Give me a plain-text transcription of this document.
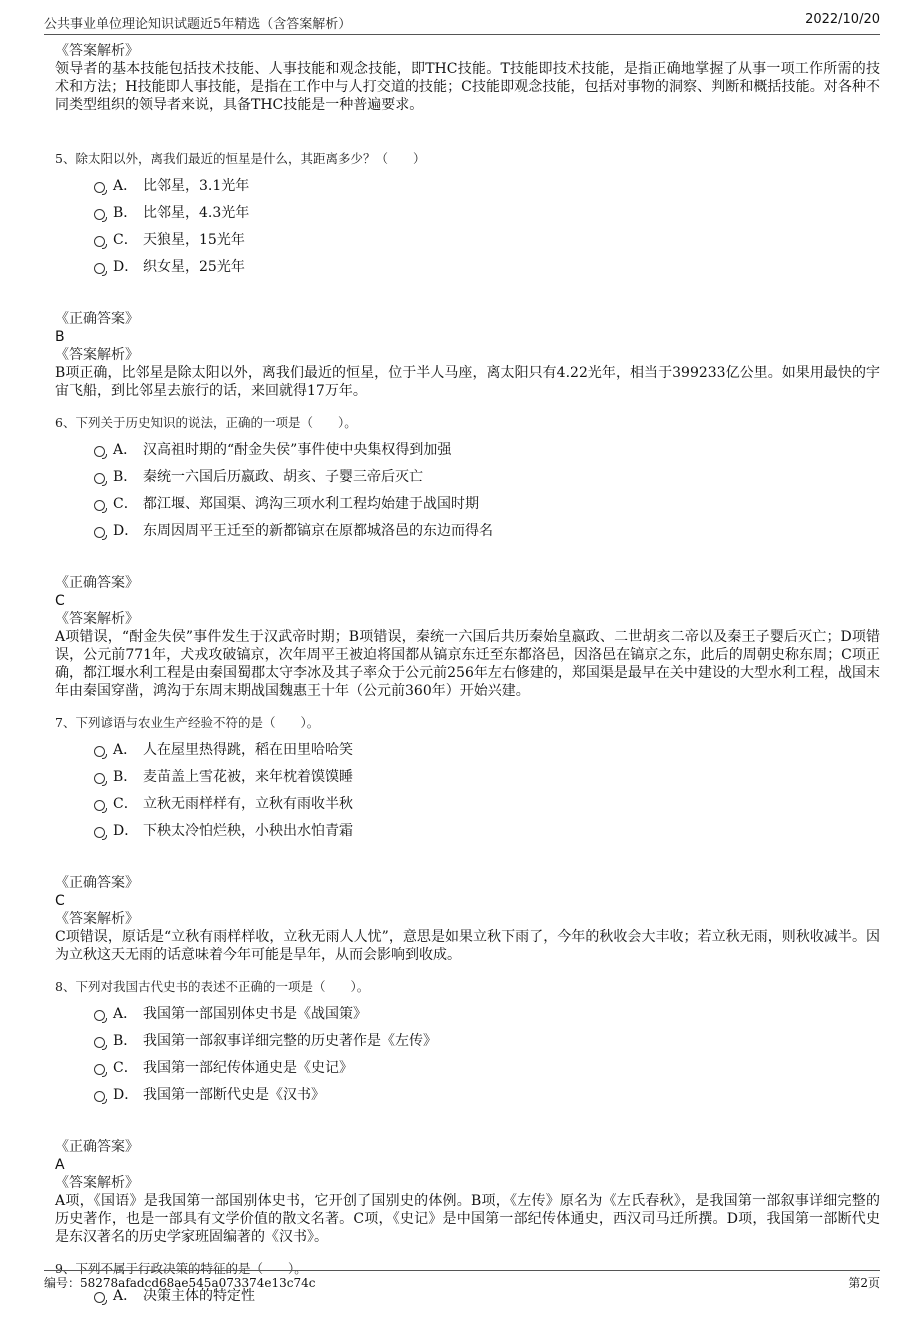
公共事业单位理论知识试题近5年精选（含答案解析）	2022/10/20
《答案解析》

领导者的基本技能包括技术技能、人事技能和观念技能，即THC技能。T技能即技术技能，是指正确地掌握了从事一项工作所需的技术和方法；H技能即人事技能，是指在工作中与人打交道的技能；C技能即观念技能，包括对事物的洞察、判断和概括技能。对各种不同类型组织的领导者来说，具备THC技能是一种普遍要求。

5、除太阳以外，离我们最近的恒星是什么，其距离多少？（　　）
A． 比邻星，3.1光年
B． 比邻星，4.3光年
C． 天狼星，15光年
D． 织女星，25光年
《正确答案》
B
《答案解析》

B项正确，比邻星是除太阳以外，离我们最近的恒星，位于半人马座，离太阳只有4.22光年，相当于399233亿公里。如果用最快的宇宙飞船，到比邻星去旅行的话，来回就得17万年。

6、下列关于历史知识的说法，正确的一项是（　　）。
A． 汉高祖时期的“酎金失侯”事件使中央集权得到加强
B． 秦统一六国后历嬴政、胡亥、子婴三帝后灭亡
C． 都江堰、郑国渠、鸿沟三项水利工程均始建于战国时期
D． 东周因周平王迁至的新都镐京在原都城洛邑的东边而得名
《正确答案》
C
《答案解析》

A项错误，“酎金失侯”事件发生于汉武帝时期；B项错误，秦统一六国后共历秦始皇嬴政、二世胡亥二帝以及秦王子婴后灭亡；D项错误，公元前771年，犬戎攻破镐京，次年周平王被迫将国都从镐京东迁至东都洛邑，因洛邑在镐京之东，此后的周朝史称东周；C项正确，都江堰水利工程是由秦国蜀郡太守李冰及其子率众于公元前256年左右修建的，郑国渠是最早在关中建设的大型水利工程，战国末年由秦国穿凿，鸿沟于东周末期战国魏惠王十年（公元前360年）开始兴建。

7、下列谚语与农业生产经验不符的是（　　）。
A． 人在屋里热得跳，稻在田里哈哈笑
B． 麦苗盖上雪花被，来年枕着馍馍睡
C． 立秋无雨样样有，立秋有雨收半秋
D． 下秧太冷怕烂秧，小秧出水怕青霜
《正确答案》
C
《答案解析》

C项错误，原话是“立秋有雨样样收，立秋无雨人人忧”，意思是如果立秋下雨了，今年的秋收会大丰收；若立秋无雨，则秋收减半。因为立秋这天无雨的话意味着今年可能是旱年，从而会影响到收成。

8、下列对我国古代史书的表述不正确的一项是（　　）。
A． 我国第一部国别体史书是《战国策》
B． 我国第一部叙事详细完整的历史著作是《左传》
C． 我国第一部纪传体通史是《史记》
D． 我国第一部断代史是《汉书》
《正确答案》
A
《答案解析》

A项，《国语》是我国第一部国别体史书，它开创了国别史的体例。B项，《左传》原名为《左氏春秋》，是我国第一部叙事详细完整的历史著作，也是一部具有文学价值的散文名著。C项，《史记》是中国第一部纪传体通史，西汉司马迁所撰。D项，我国第一部断代史是东汉著名的历史学家班固编著的《汉书》。

9、下列不属于行政决策的特征的是（　　）。
A． 决策主体的特定性
编号：58278afadcd68ae545a073374e13c74c	第2页
